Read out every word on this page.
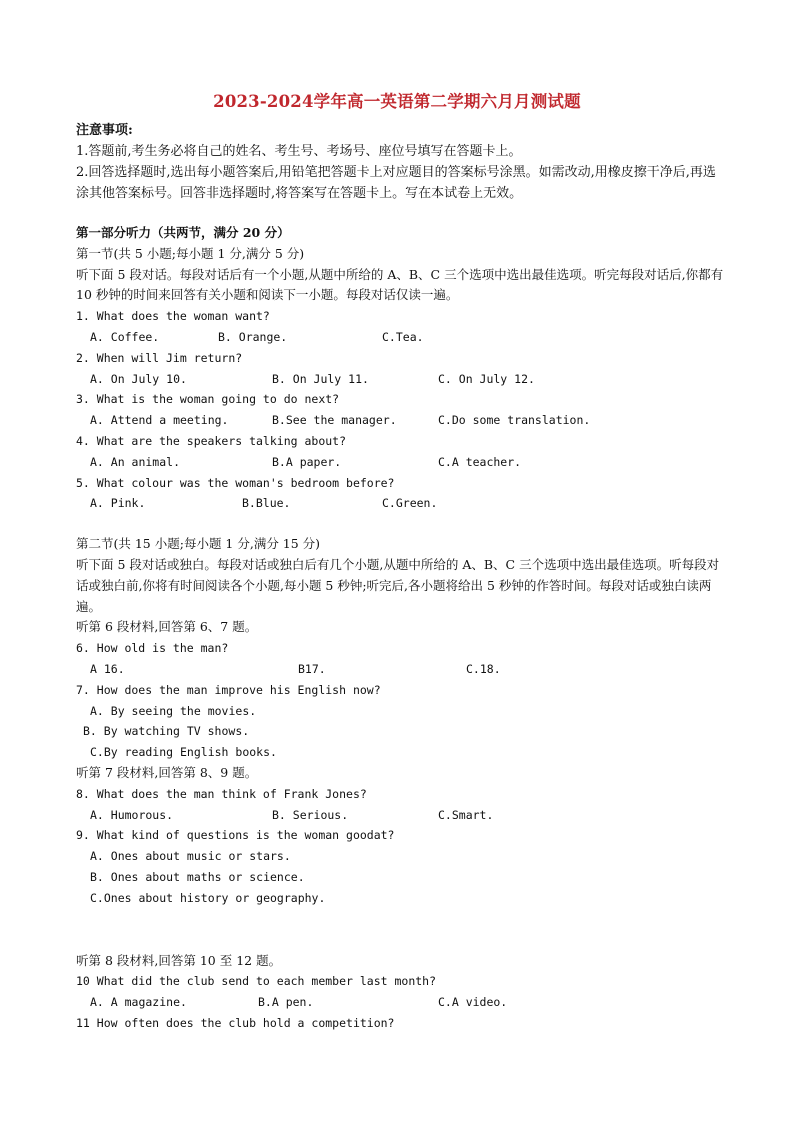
2023-2024学年高一英语第二学期六月月测试题
注意事项:
1.答题前,考生务必将自己的姓名、考生号、考场号、座位号填写在答题卡上。
2.回答选择题时,选出每小题答案后,用铅笔把答题卡上对应题目的答案标号涂黑。如需改动,用橡皮擦干净后,再选涂其他答案标号。回答非选择题时,将答案写在答题卡上。写在本试卷上无效。
第一部分听力（共两节，满分 20 分）
第一节(共 5 小题;每小题 1 分,满分 5 分)
听下面 5 段对话。每段对话后有一个小题,从题中所给的 A、B、C 三个选项中选出最佳选项。听完每段对话后,你都有 10 秒钟的时间来回答有关小题和阅读下一小题。每段对话仅读一遍。
1. What does the woman want?
A. Coffee.	B. Orange.	C.Tea.
2. When will Jim return?
A. On July 10.	B. On July 11.	C. On July 12.
3. What is the woman going to do next?
A. Attend a meeting.	B.See the manager.	C.Do some translation.
4. What are the speakers talking about?
A. An animal.	B.A paper.	C.A teacher.
5. What colour was the woman's bedroom before?
A. Pink.	B.Blue.	C.Green.
第二节(共 15 小题;每小题 1 分,满分 15 分)
听下面 5 段对话或独白。每段对话或独白后有几个小题,从题中所给的 A、B、C 三个选项中选出最佳选项。听每段对话或独白前,你将有时间阅读各个小题,每小题 5 秒钟;听完后,各小题将给出 5 秒钟的作答时间。每段对话或独白读两遍。
听第 6 段材料,回答第 6、7 题。
6. How old is the man?
A 16.	B17.	C.18.
7. How does the man improve his English now?
A. By seeing the movies.
B. By watching TV shows.
C.By reading English books.
听第 7 段材料,回答第 8、9 题。
8. What does the man think of Frank Jones?
A. Humorous.	B. Serious.	C.Smart.
9. What kind of questions is the woman goodat?
A. Ones about music or stars.
B. Ones about maths or science.
C.Ones about history or geography.
听第 8 段材料,回答第 10 至 12 题。
10 What did the club send to each member last month?
A. A magazine.	B.A pen.	C.A video.
11 How often does the club hold a competition?
